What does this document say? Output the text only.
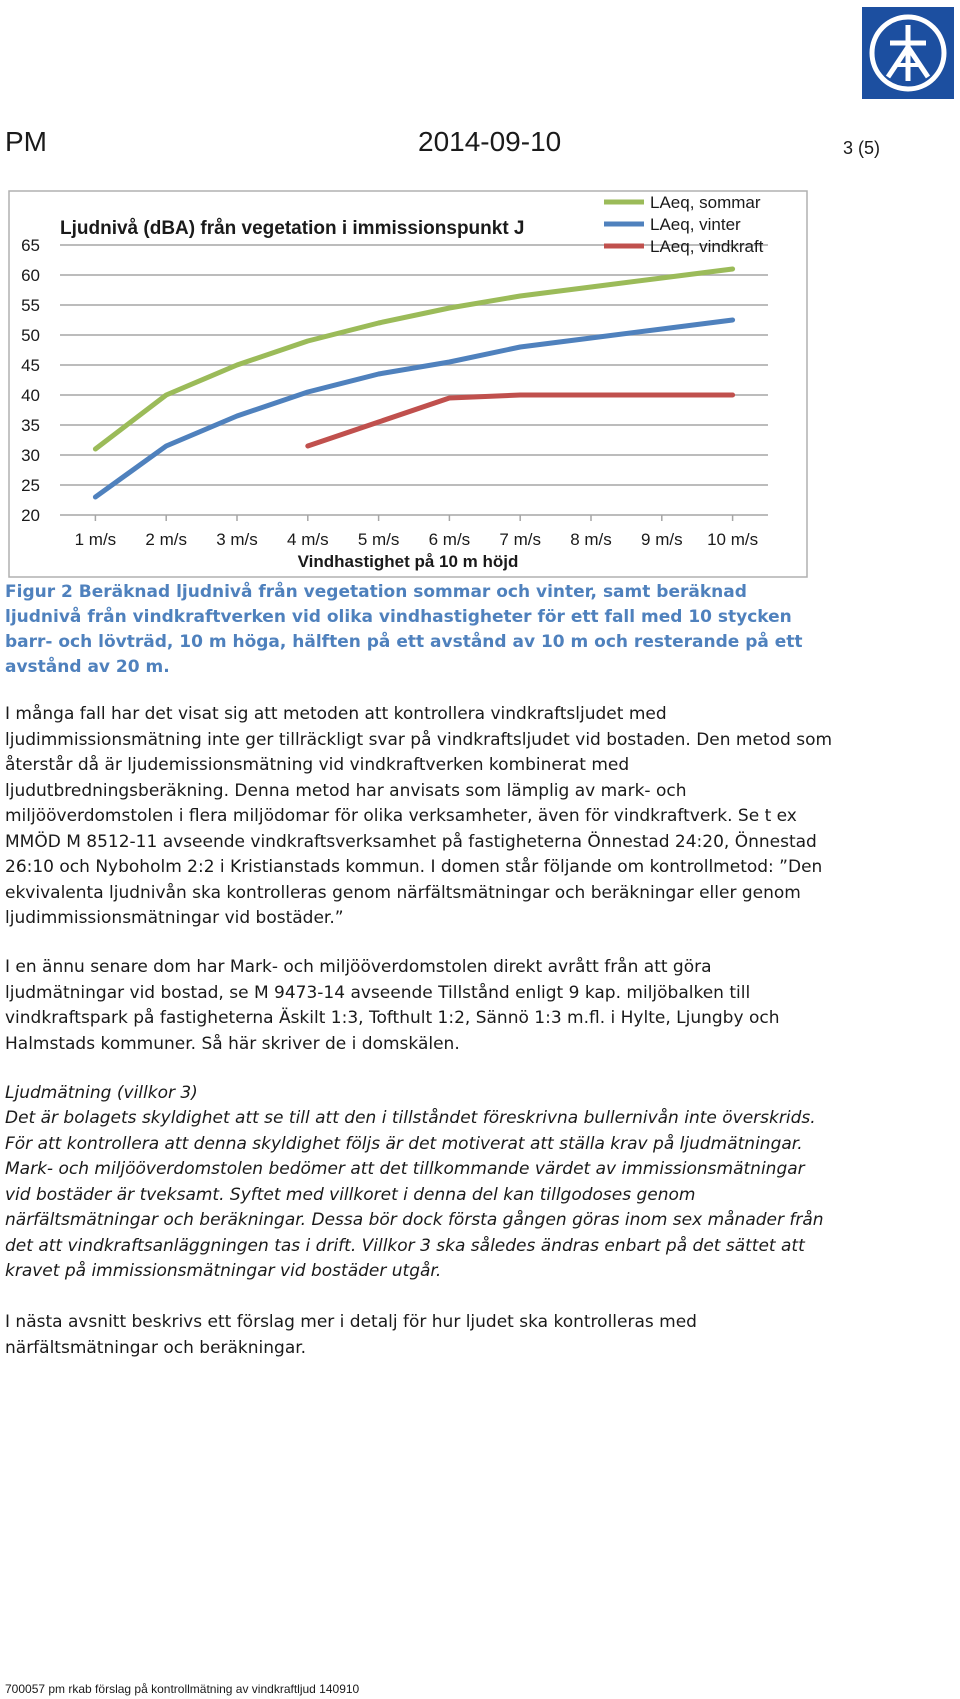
PM	2014-09-10	3 (5)
Ljudnivå (dBA) från vegetation i immissionspunkt J
Vindhastighet på 10 m höjd
20
25
30
35
40
45
50
55
60
65
1 m/s 2 m/s 3 m/s 4 m/s 5 m/s 6 m/s 7 m/s 8 m/s 9 m/s 10 m/s
LAeq, sommar
LAeq, vinter
LAeq, vindkraft

Figur 2 Beräknad ljudnivå från vegetation sommar och vinter, samt beräknad ljudnivå från vindkraftverken vid olika vindhastigheter för ett fall med 10 stycken barr- och lövträd, 10 m höga, hälften på ett avstånd av 10 m och resterande på ett avstånd av 20 m.

I många fall har det visat sig att metoden att kontrollera vindkraftsljudet med ljudimmissionsmätning inte ger tillräckligt svar på vindkraftsljudet vid bostaden. Den metod som återstår då är ljudemissionsmätning vid vindkraftverken kombinerat med ljudutbredningsberäkning. Denna metod har anvisats som lämplig av mark- och miljööverdomstolen i flera miljödomar för olika verksamheter, även för vindkraftverk. Se t ex MMÖD M 8512-11 avseende vindkraftsverksamhet på fastigheterna Önnestad 24:20, Önnestad 26:10 och Nyboholm 2:2 i Kristianstads kommun. I domen står följande om kontrollmetod: ”Den ekvivalenta ljudnivån ska kontrolleras genom närfältsmätningar och beräkningar eller genom ljudimmissionsmätningar vid bostäder.”

I en ännu senare dom har Mark- och miljööverdomstolen direkt avrått från att göra ljudmätningar vid bostad, se M 9473-14 avseende Tillstånd enligt 9 kap. miljöbalken till vindkraftspark på fastigheterna Äskilt 1:3, Tofthult 1:2, Sännö 1:3 m.fl. i Hylte, Ljungby och Halmstads kommuner. Så här skriver de i domskälen.

Ljudmätning (villkor 3)

Det är bolagets skyldighet att se till att den i tillståndet föreskrivna bullernivån inte överskrids. För att kontrollera att denna skyldighet följs är det motiverat att ställa krav på ljudmätningar. Mark- och miljööverdomstolen bedömer att det tillkommande värdet av immissionsmätningar vid bostäder är tveksamt. Syftet med villkoret i denna del kan tillgodoses genom närfältsmätningar och beräkningar. Dessa bör dock första gången göras inom sex månader från det att vindkraftsanläggningen tas i drift. Villkor 3 ska således ändras enbart på det sättet att kravet på immissionsmätningar vid bostäder utgår.

I nästa avsnitt beskrivs ett förslag mer i detalj för hur ljudet ska kontrolleras med närfältsmätningar och beräkningar.

700057 pm rkab förslag på kontrollmätning av vindkraftljud 140910
